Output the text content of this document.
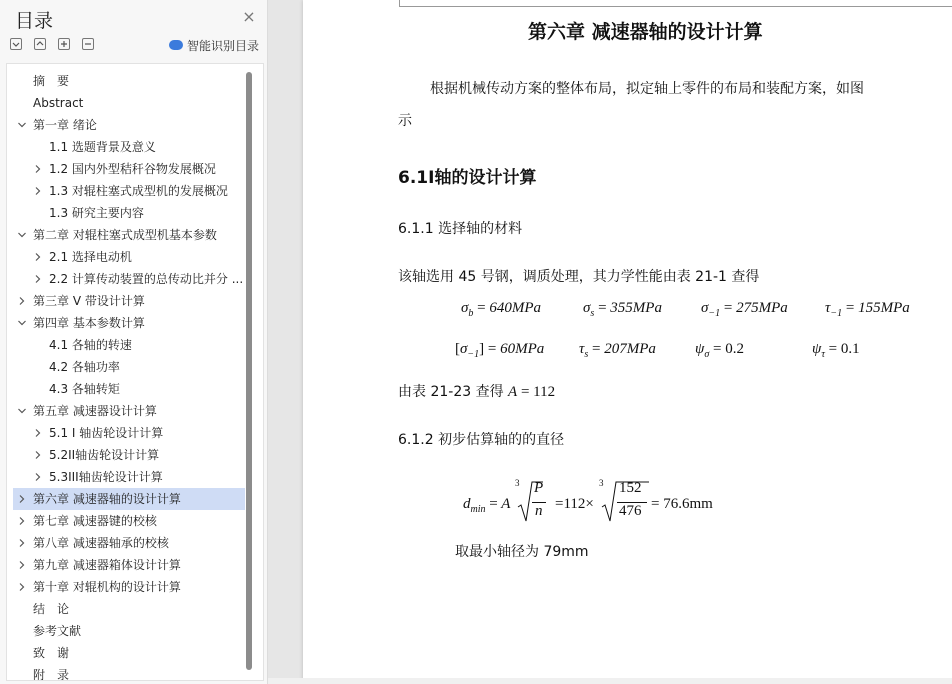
目录	×
智能识别目录
摘　要
Abstract
第一章 绪论
1.1 选题背景及意义
1.2 国内外型秸秆谷物发展概况
1.3 对辊柱塞式成型机的发展概况
1.3 研究主要内容
第二章 对辊柱塞式成型机基本参数
2.1 选择电动机
2.2 计算传动装置的总传动比并分 ...
第三章 V 带设计计算
第四章 基本参数计算
4.1 各轴的转速
4.2 各轴功率
4.3 各轴转矩
第五章 减速器设计计算
5.1 I 轴齿轮设计计算
5.2II轴齿轮设计计算
5.3III轴齿轮设计计算
第六章 减速器轴的设计计算
第七章 减速器键的校核
第八章 减速器轴承的校核
第九章 减速器箱体设计计算
第十章 对辊机构的设计计算
结　论
参考文献
致　谢
附　录
第六章 减速器轴的设计计算
根据机械传动方案的整体布局，拟定轴上零件的布局和装配方案，如图
示
6.1I轴的设计计算
6.1.1 选择轴的材料
该轴选用 45 号钢，调质处理，其力学性能由表 21-1 查得
$\sigma_b = 640MPa$	$\sigma_s = 355MPa$	$\sigma_{-1} = 275MPa$ $\tau_{-1} = 155MPa$
$[\sigma_{-1}] = 60MPa$ $\tau_s = 207MPa$	$\psi_\sigma = 0.2$	$\psi_\tau = 0.1$
由表 21-23 查得 A = 112
6.1.2 初步估算轴的的直径
$d_{min} = A$
3 P
n =112×
3 152
476 = 76.6mm
取最小轴径为 79mm
